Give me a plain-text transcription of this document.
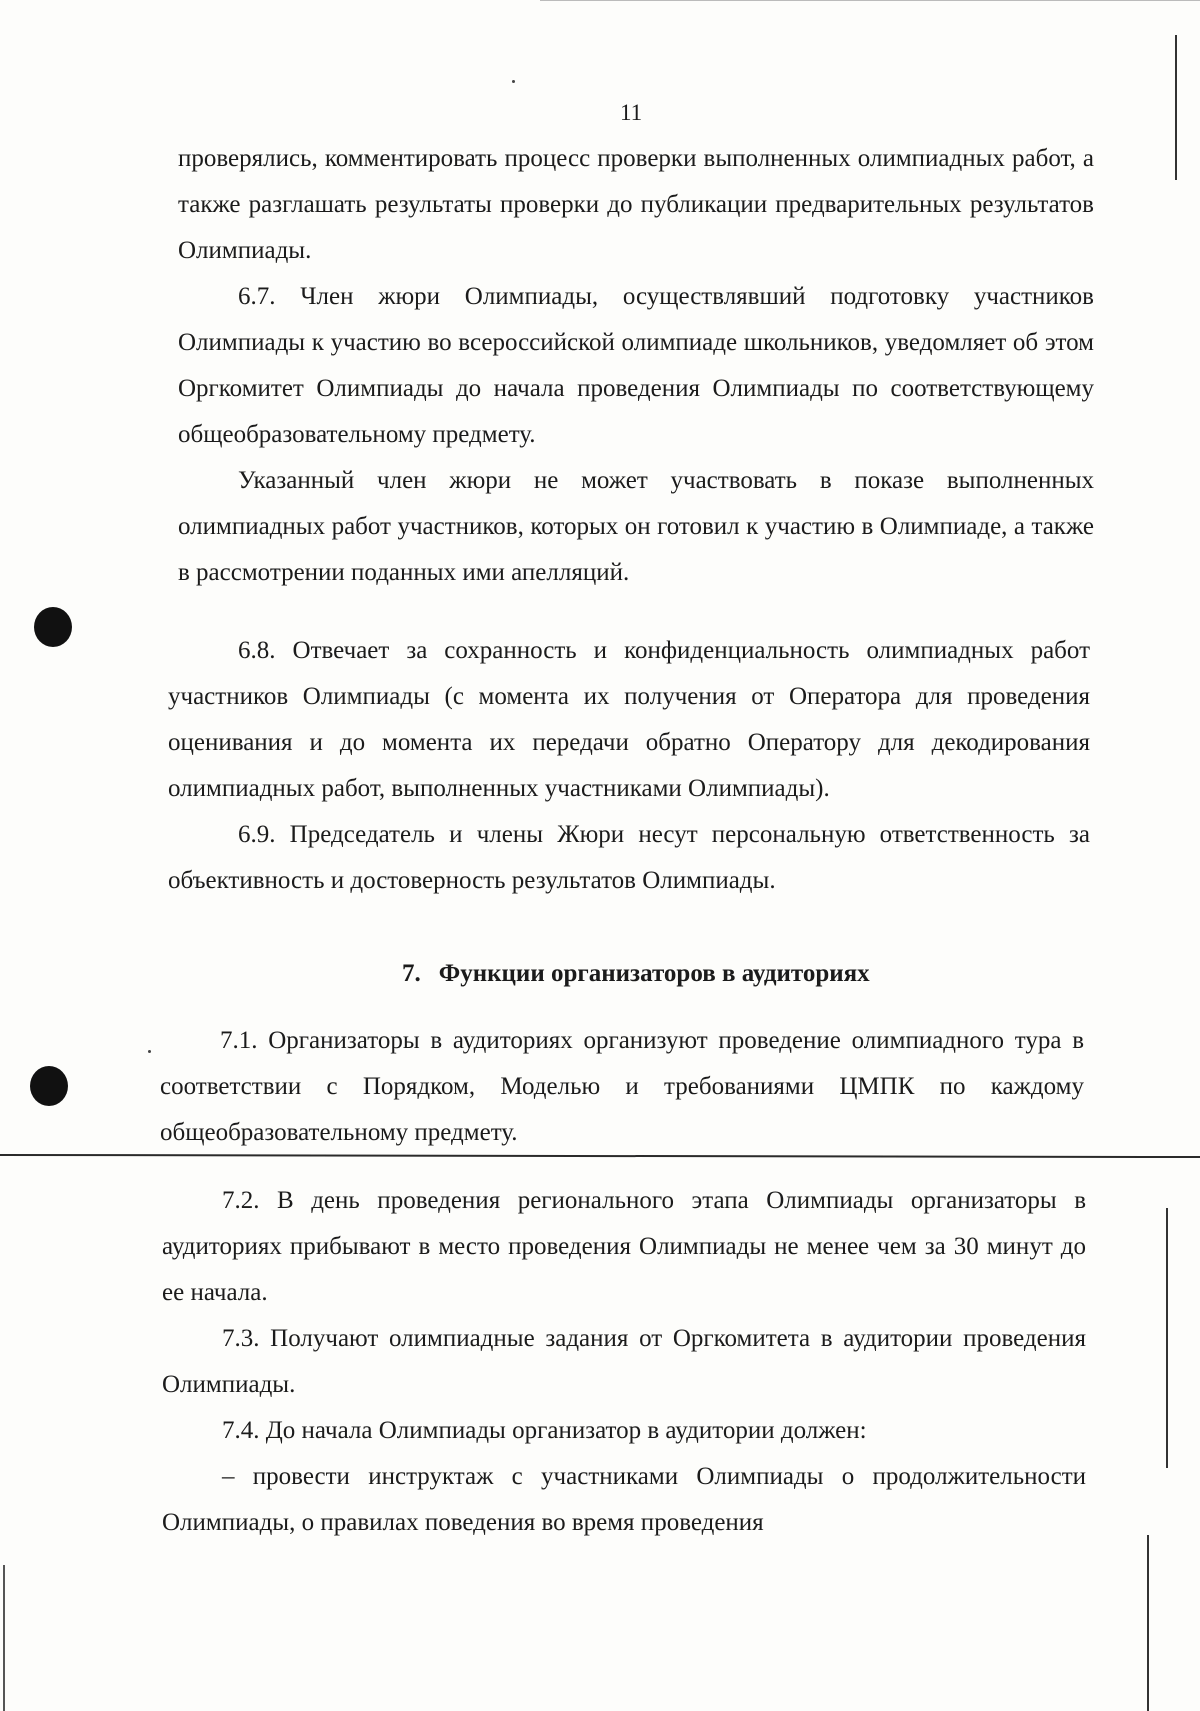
11

проверялись, комментировать процесс проверки выполненных олимпиадных работ, а также разглашать результаты проверки до публикации предварительных результатов Олимпиады.

6.7. Член жюри Олимпиады, осуществлявший подготовку участников Олимпиады к участию во всероссийской олимпиаде школьников, уведомляет об этом Оргкомитет Олимпиады до начала проведения Олимпиады по соответствующему общеобразовательному предмету.

Указанный член жюри не может участвовать в показе выполненных олимпиадных работ участников, которых он готовил к участию в Олимпиаде, а также в рассмотрении поданных ими апелляций.

6.8. Отвечает за сохранность и конфиденциальность олимпиадных работ участников Олимпиады (с момента их получения от Оператора для проведения оценивания и до момента их передачи обратно Оператору для декодирования олимпиадных работ, выполненных участниками Олимпиады).

6.9. Председатель и члены Жюри несут персональную ответственность за объективность и достоверность результатов Олимпиады.

7. Функции организаторов в аудиториях

7.1. Организаторы в аудиториях организуют проведение олимпиадного тура в соответствии с Порядком, Моделью и требованиями ЦМПК по каждому общеобразовательному предмету.

7.2. В день проведения регионального этапа Олимпиады организаторы в аудиториях прибывают в место проведения Олимпиады не менее чем за 30 минут до ее начала.

7.3. Получают олимпиадные задания от Оргкомитета в аудитории проведения Олимпиады.

7.4. До начала Олимпиады организатор в аудитории должен:

– провести инструктаж с участниками Олимпиады о продолжительности Олимпиады, о правилах поведения во время проведения
